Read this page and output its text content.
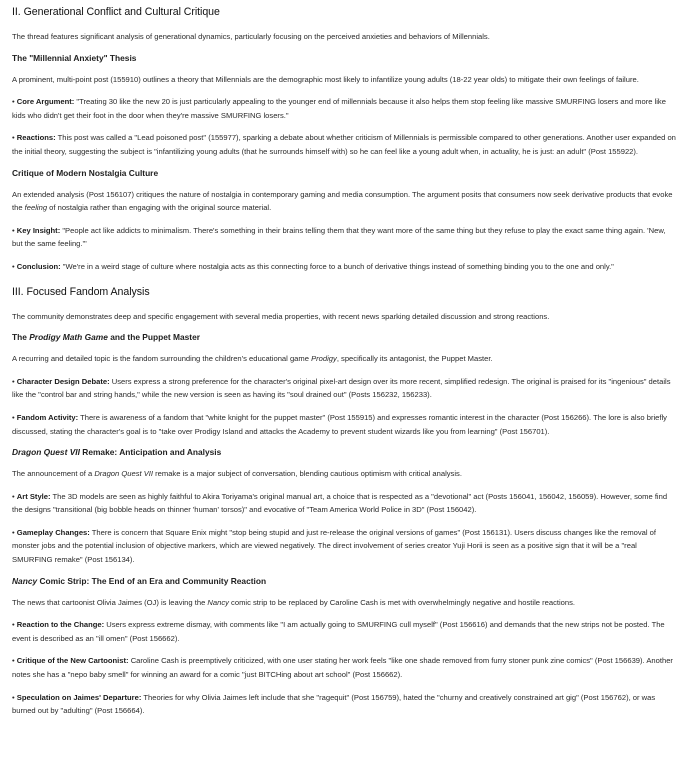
II. Generational Conflict and Cultural Critique

The thread features significant analysis of generational dynamics, particularly focusing on the perceived anxieties and behaviors of Millennials.

The "Millennial Anxiety" Thesis

A prominent, multi-point post (155910) outlines a theory that Millennials are the demographic most likely to infantilize young adults (18-22 year olds) to mitigate their own feelings of failure.

• Core Argument: "Treating 30 like the new 20 is just particularly appealing to the younger end of millennials because it also helps them stop feeling like massive SMURFING losers and more like kids who didn't get their foot in the door when they're massive SMURFING losers."

• Reactions: This post was called a "Lead poisoned post" (155977), sparking a debate about whether criticism of Millennials is permissible compared to other generations. Another user expanded on the initial theory, suggesting the subject is "infantilizing young adults (that he surrounds himself with) so he can feel like a young adult when, in actuality, he is just: an adult" (Post 155922).

Critique of Modern Nostalgia Culture

An extended analysis (Post 156107) critiques the nature of nostalgia in contemporary gaming and media consumption. The argument posits that consumers now seek derivative products that evoke the feeling of nostalgia rather than engaging with the original source material.

• Key Insight: "People act like addicts to minimalism. There's something in their brains telling them that they want more of the same thing but they refuse to play the exact same thing again. 'New, but the same feeling.'"

• Conclusion: "We're in a weird stage of culture where nostalgia acts as this connecting force to a bunch of derivative things instead of something binding you to the one and only."

III. Focused Fandom Analysis

The community demonstrates deep and specific engagement with several media properties, with recent news sparking detailed discussion and strong reactions.

The Prodigy Math Game and the Puppet Master

A recurring and detailed topic is the fandom surrounding the children's educational game Prodigy, specifically its antagonist, the Puppet Master.

• Character Design Debate: Users express a strong preference for the character's original pixel-art design over its more recent, simplified redesign. The original is praised for its "ingenious" details like the "control bar and string hands," while the new version is seen as having its "soul drained out" (Posts 156232, 156233).

• Fandom Activity: There is awareness of a fandom that "white knight for the puppet master" (Post 155915) and expresses romantic interest in the character (Post 156266). The lore is also briefly discussed, stating the character's goal is to "take over Prodigy Island and attacks the Academy to prevent student wizards like you from learning" (Post 156701).

Dragon Quest VII Remake: Anticipation and Analysis

The announcement of a Dragon Quest VII remake is a major subject of conversation, blending cautious optimism with critical analysis.

• Art Style: The 3D models are seen as highly faithful to Akira Toriyama's original manual art, a choice that is respected as a "devotional" act (Posts 156041, 156042, 156059). However, some find the designs "transitional (big bobble heads on thinner 'human' torsos)" and evocative of "Team America World Police in 3D" (Post 156042).

• Gameplay Changes: There is concern that Square Enix might "stop being stupid and just re-release the original versions of games" (Post 156131). Users discuss changes like the removal of monster jobs and the potential inclusion of objective markers, which are viewed negatively. The direct involvement of series creator Yuji Horii is seen as a positive sign that it will be a "real SMURFING remake" (Post 156134).

Nancy Comic Strip: The End of an Era and Community Reaction

The news that cartoonist Olivia Jaimes (OJ) is leaving the Nancy comic strip to be replaced by Caroline Cash is met with overwhelmingly negative and hostile reactions.

• Reaction to the Change: Users express extreme dismay, with comments like "I am actually going to SMURFING cull myself" (Post 156616) and demands that the new strips not be posted. The event is described as an "ill omen" (Post 156662).

• Critique of the New Cartoonist: Caroline Cash is preemptively criticized, with one user stating her work feels "like one shade removed from furry stoner punk zine comics" (Post 156639). Another notes she has a "nepo baby smell" for winning an award for a comic "just BITCHing about art school" (Post 156662).

• Speculation on Jaimes' Departure: Theories for why Olivia Jaimes left include that she "ragequit" (Post 156759), hated the "churny and creatively constrained art gig" (Post 156762), or was burned out by "adulting" (Post 156664).
